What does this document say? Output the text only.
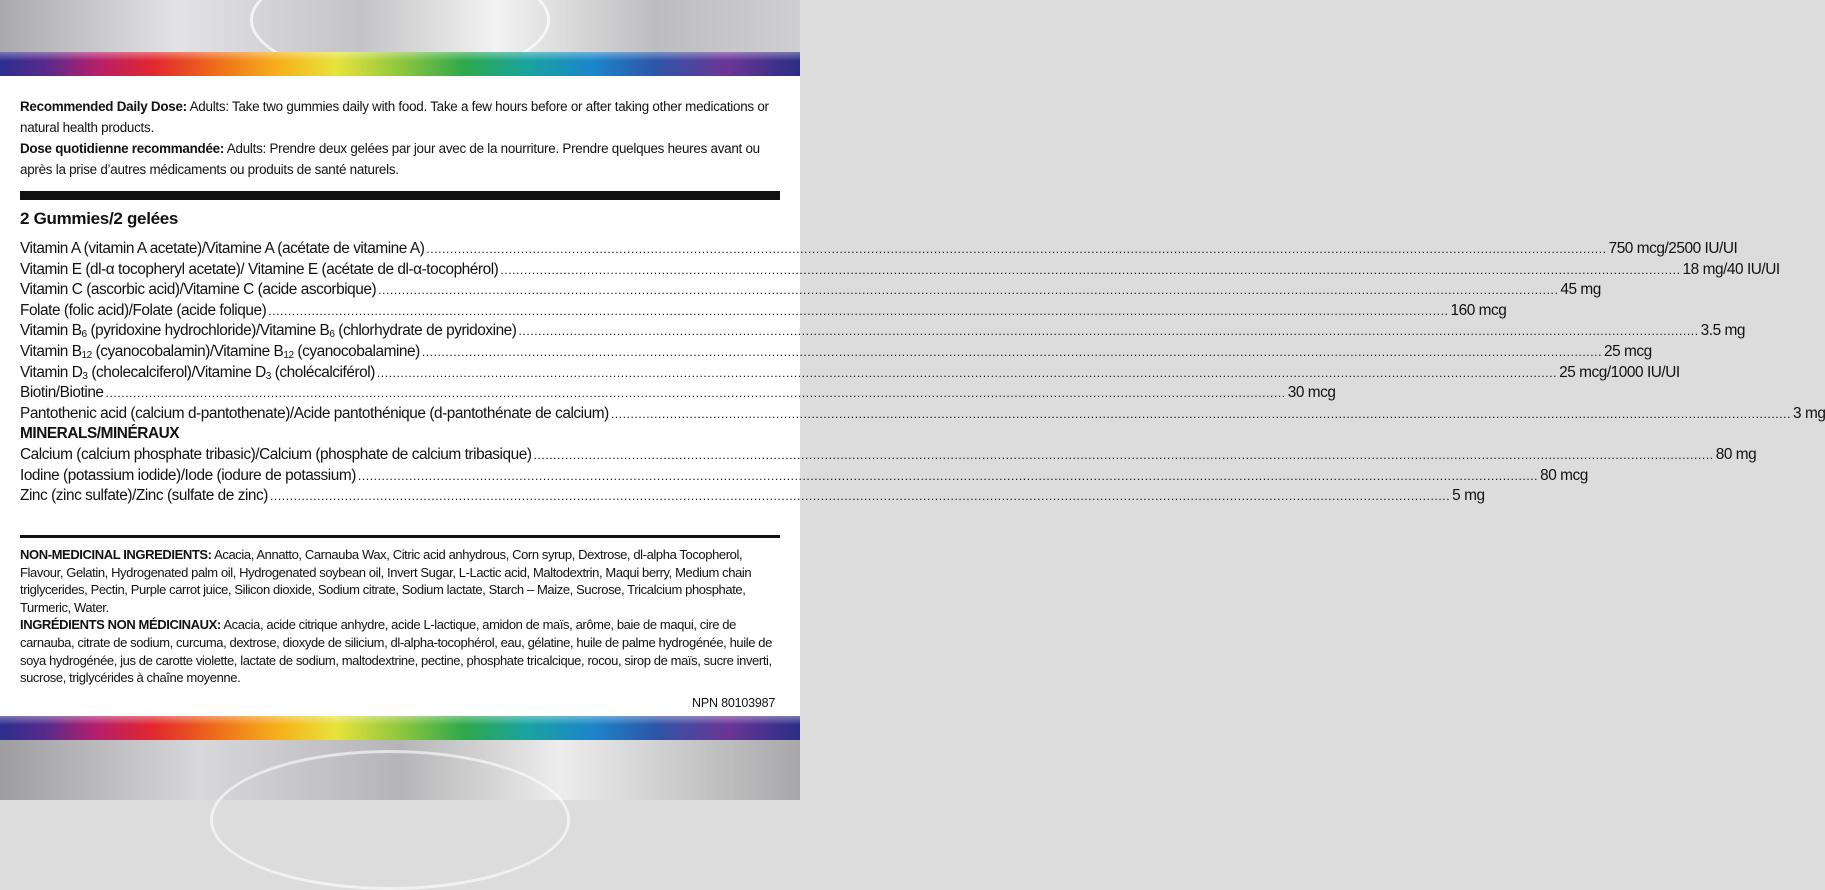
Recommended Daily Dose: Adults: Take two gummies daily with food. Take a few hours before or after taking other medications or natural health products.
Dose quotidienne recommandée: Adults: Prendre deux gelées par jour avec de la nourriture. Prendre quelques heures avant ou après la prise d’autres médicaments ou produits de santé naturels.
2 Gummies/2 gelées
Vitamin A (vitamin A acetate)/Vitamine A (acétate de vitamine A) ............................................................................................................................................................................................................................................................................................................ 750 mcg/2500 IU/UI
Vitamin E (dl-α tocopheryl acetate)/ Vitamine E (acétate de dl-α-tocophérol) ............................................................................................................................................................................................................................................................................................................ 18 mg/40 IU/UI
Vitamin C (ascorbic acid)/Vitamine C (acide ascorbique) ............................................................................................................................................................................................................................................................................................................ 45 mg
Folate (folic acid)/Folate (acide folique) ............................................................................................................................................................................................................................................................................................................ 160 mcg
Vitamin $B_6$ (pyridoxine hydrochloride)/Vitamine $B_6$ (chlorhydrate de pyridoxine) ............................................................................................................................................................................................................................................................................................................ 3.5 mg
Vitamin $B_{12}$ (cyanocobalamin)/Vitamine $B_{12}$ (cyanocobalamine) ............................................................................................................................................................................................................................................................................................................ 25 mcg
Vitamin $D_3$ (cholecalciferol)/Vitamine $D_3$ (cholécalciférol) ............................................................................................................................................................................................................................................................................................................ 25 mcg/1000 IU/UI
Biotin/Biotine ............................................................................................................................................................................................................................................................................................................ 30 mcg
Pantothenic acid (calcium d-pantothenate)/Acide pantothénique (d-pantothénate de calcium) ............................................................................................................................................................................................................................................................................................................ 3 mg
MINERALS/MINÉRAUX
Calcium (calcium phosphate tribasic)/Calcium (phosphate de calcium tribasique) ............................................................................................................................................................................................................................................................................................................ 80 mg
Iodine (potassium iodide)/Iode (iodure de potassium) ............................................................................................................................................................................................................................................................................................................ 80 mcg
Zinc (zinc sulfate)/Zinc (sulfate de zinc) ............................................................................................................................................................................................................................................................................................................ 5 mg
NON-MEDICINAL INGREDIENTS: Acacia, Annatto, Carnauba Wax, Citric acid anhydrous, Corn syrup, Dextrose, dl-alpha Tocopherol, Flavour, Gelatin, Hydrogenated palm oil, Hydrogenated soybean oil, Invert Sugar, L-Lactic acid, Maltodextrin, Maqui berry, Medium chain triglycerides, Pectin, Purple carrot juice, Silicon dioxide, Sodium citrate, Sodium lactate, Starch – Maize, Sucrose, Tricalcium phosphate, Turmeric, Water.
INGRÉDIENTS NON MÉDICINAUX: Acacia, acide citrique anhydre, acide L-lactique, amidon de maïs, arôme, baie de maqui, cire de carnauba, citrate de sodium, curcuma, dextrose, dioxyde de silicium, dl-alpha-tocophérol, eau, gélatine, huile de palme hydrogénée, huile de soya hydrogénée, jus de carotte violette, lactate de sodium, maltodextrine, pectine, phosphate tricalcique, rocou, sirop de maïs, sucre inverti, sucrose, triglycérides à chaîne moyenne.
NPN 80103987
